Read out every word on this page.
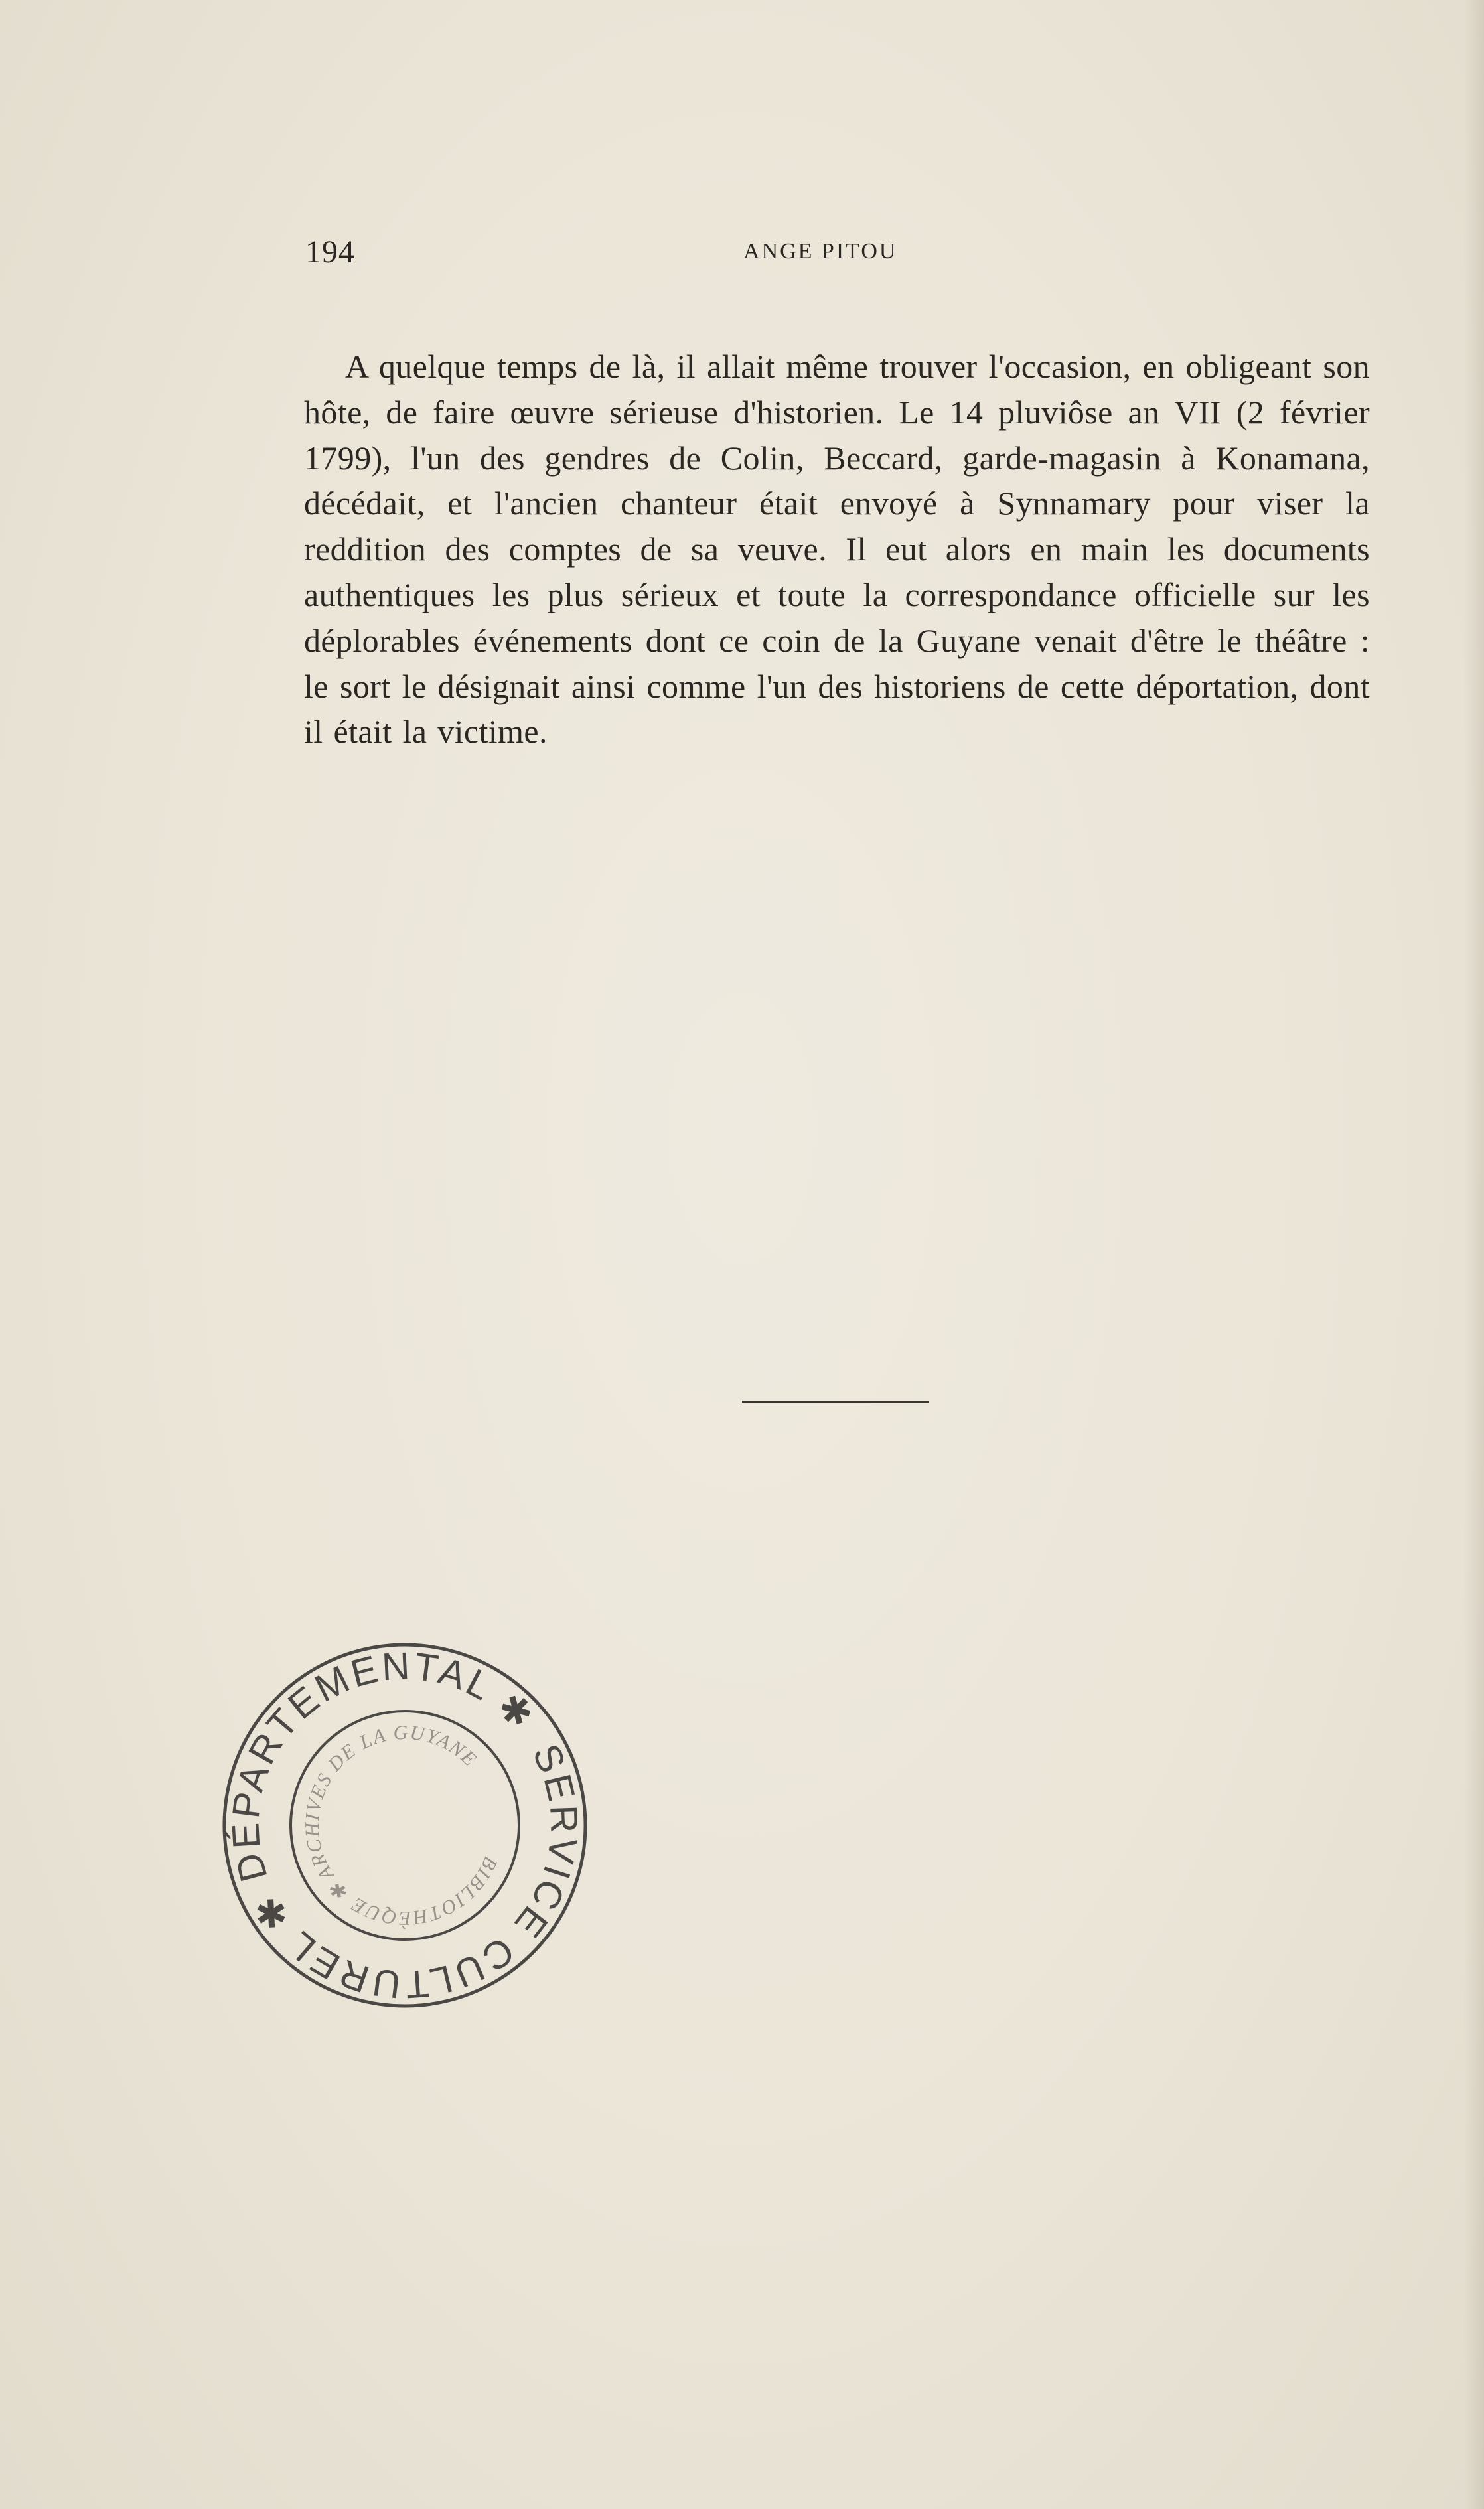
194	ANGE PITOU

A quelque temps de là, il allait même trouver l'occasion, en obligeant son hôte, de faire œuvre sérieuse d'historien. Le 14 pluviôse an VII (2 février 1799), l'un des gendres de Colin, Beccard, garde-magasin à Konamana, décédait, et l'ancien chanteur était envoyé à Synnamary pour viser la reddition des comptes de sa veuve. Il eut alors en main les documents authentiques les plus sérieux et toute la correspondance officielle sur les déplorables événements dont ce coin de la Guyane venait d'être le théâtre : le sort le désignait ainsi comme l'un des historiens de cette déportation, dont il était la victime.

SERVICE CULTUREL ✱ DÉPARTEMENTAL ✱
BIBLIOTHÈQUE ✱ ARCHIVES DE LA GUYANE
